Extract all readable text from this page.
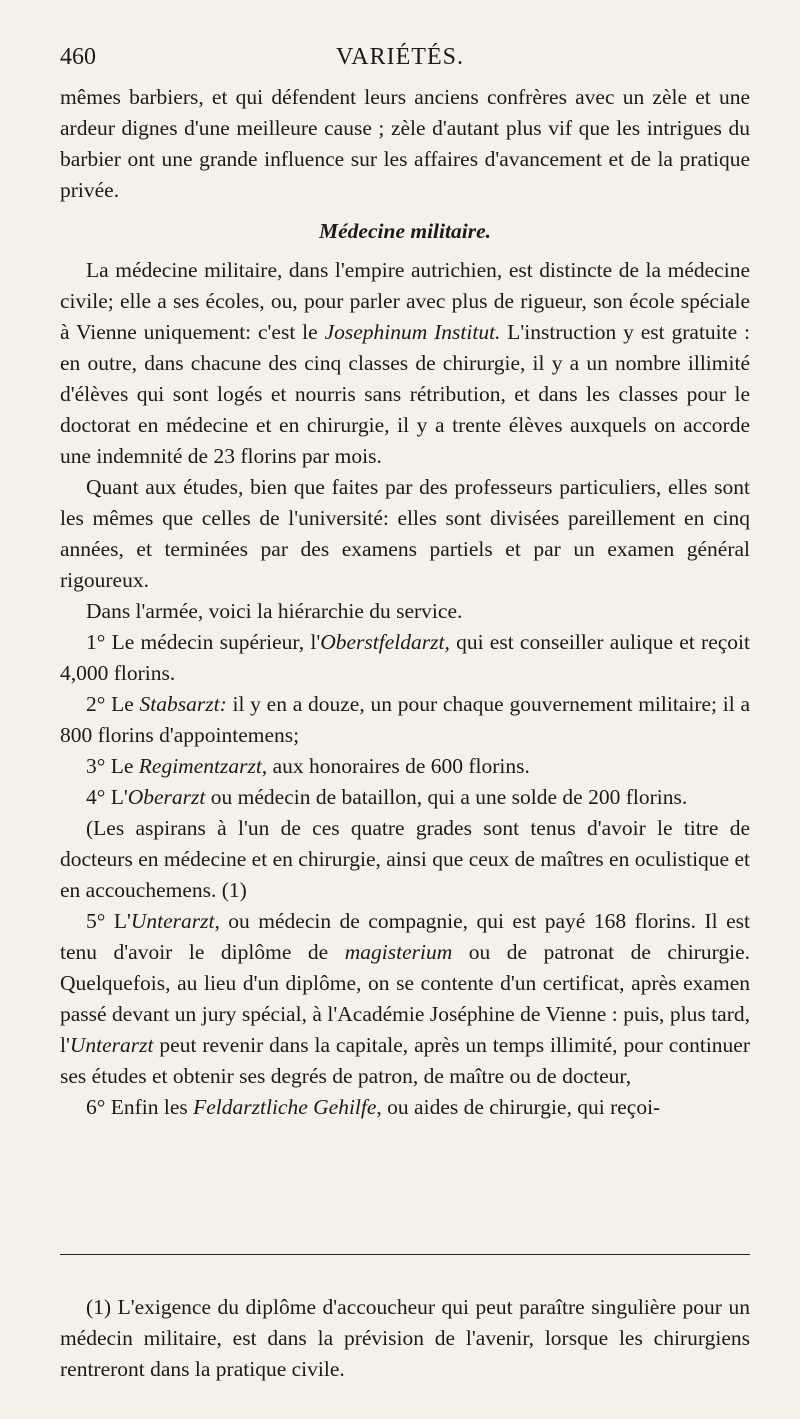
460	VARIÉTÉS.

mêmes barbiers, et qui défendent leurs anciens confrères avec un zèle et une ardeur dignes d'une meilleure cause ; zèle d'autant plus vif que les intrigues du barbier ont une grande influence sur les affaires d'avancement et de la pratique privée.

Médecine militaire.

La médecine militaire, dans l'empire autrichien, est distincte de la médecine civile; elle a ses écoles, ou, pour parler avec plus de rigueur, son école spéciale à Vienne uniquement: c'est le Josephinum Institut. L'instruction y est gratuite : en outre, dans chacune des cinq classes de chirurgie, il y a un nombre illimité d'élèves qui sont logés et nourris sans rétribution, et dans les classes pour le doctorat en médecine et en chirurgie, il y a trente élèves auxquels on accorde une indemnité de 23 florins par mois.

Quant aux études, bien que faites par des professeurs particuliers, elles sont les mêmes que celles de l'université: elles sont divisées pareillement en cinq années, et terminées par des examens partiels et par un examen général rigoureux.

Dans l'armée, voici la hiérarchie du service.

1° Le médecin supérieur, l'Oberstfeldarzt, qui est conseiller aulique et reçoit 4,000 florins.

2° Le Stabsarzt: il y en a douze, un pour chaque gouvernement militaire; il a 800 florins d'appointemens;

3° Le Regimentzarzt, aux honoraires de 600 florins.

4° L'Oberarzt ou médecin de bataillon, qui a une solde de 200 florins.

(Les aspirans à l'un de ces quatre grades sont tenus d'avoir le titre de docteurs en médecine et en chirurgie, ainsi que ceux de maîtres en oculistique et en accouchemens. (1)

5° L'Unterarzt, ou médecin de compagnie, qui est payé 168 florins. Il est tenu d'avoir le diplôme de magisterium ou de patronat de chirurgie. Quelquefois, au lieu d'un diplôme, on se contente d'un certificat, après examen passé devant un jury spécial, à l'Académie Joséphine de Vienne : puis, plus tard, l'Unterarzt peut revenir dans la capitale, après un temps illimité, pour continuer ses études et obtenir ses degrés de patron, de maître ou de docteur,

6° Enfin les Feldarztliche Gehilfe, ou aides de chirurgie, qui reçoi-

(1) L'exigence du diplôme d'accoucheur qui peut paraître singulière pour un médecin militaire, est dans la prévision de l'avenir, lorsque les chirurgiens rentreront dans la pratique civile.
